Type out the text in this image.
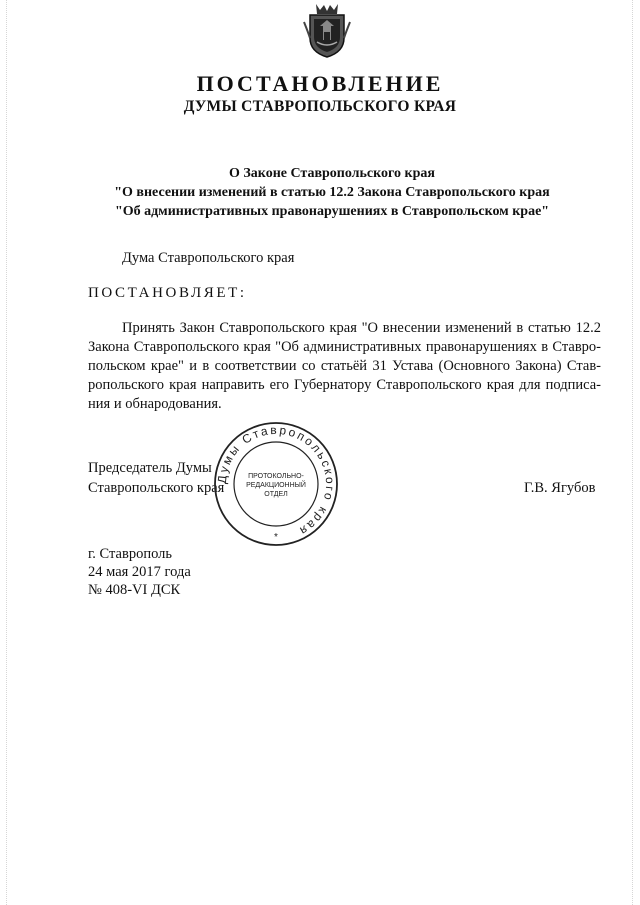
ПОСТАНОВЛЕНИЕ
ДУМЫ СТАВРОПОЛЬСКОГО КРАЯ
О Законе Ставропольского края
"О внесении изменений в статью 12.2 Закона Ставропольского края
"Об административных правонарушениях в Ставропольском крае"
Дума Ставропольского края
ПОСТАНОВЛЯЕТ:
Принять Закон Ставропольского края "О внесении изменений в статью 12.2
Закона Ставропольского края "Об административных правонарушениях в Ставро-
польском крае" и в соответствии со статьёй 31 Устава (Основного Закона) Став-
ропольского края направить его Губернатору Ставропольского края для подписа-
ния и обнародования.
Председатель Думы
Ставропольского края	Г.В. Ягубов
Думы Ставропольского края
ПРОТОКОЛЬНО-
РЕДАКЦИОННЫЙ
ОТДЕЛ
*
г. Ставрополь
24 мая 2017 года
№ 408-VI ДСК
